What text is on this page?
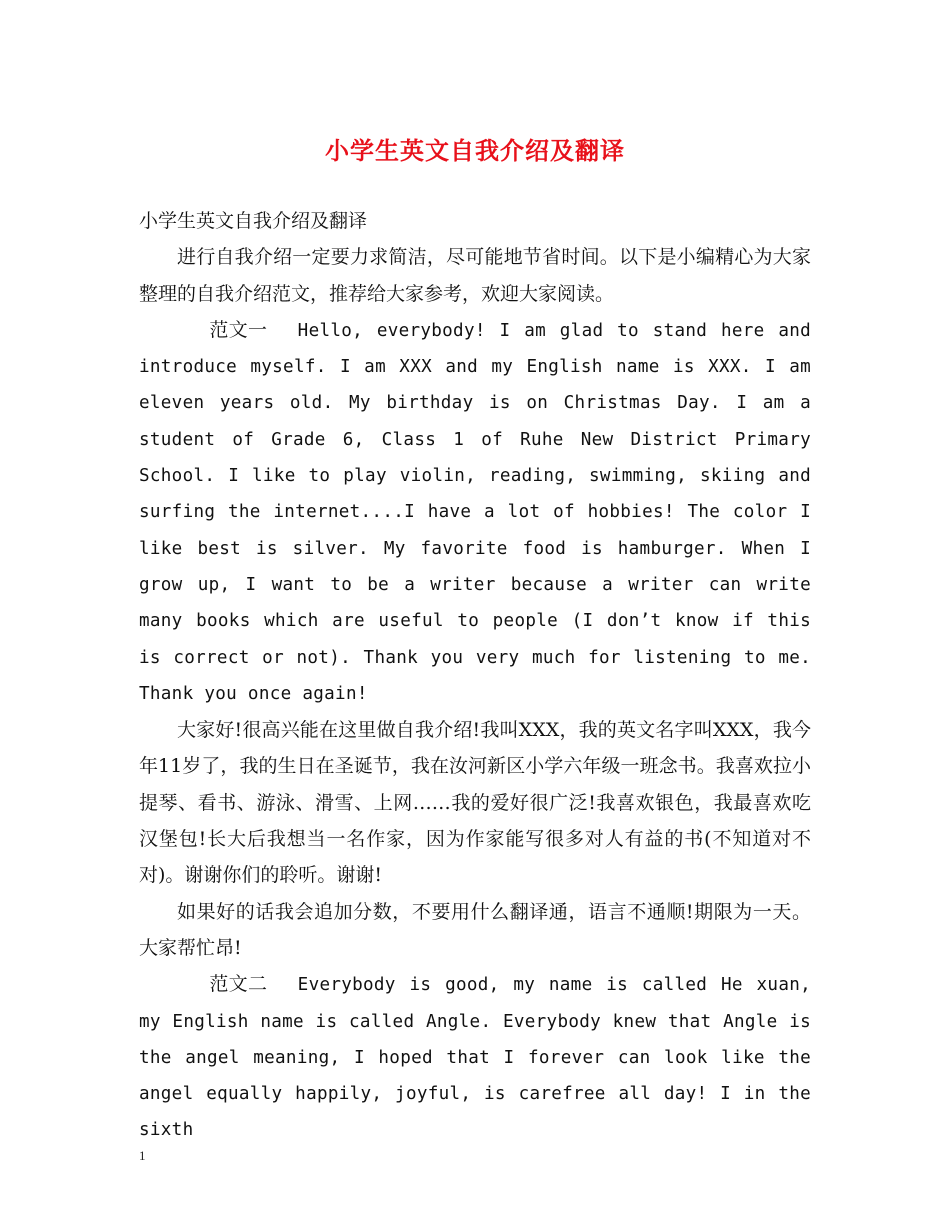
小学生英文自我介绍及翻译

小学生英文自我介绍及翻译

进行自我介绍一定要力求简洁，尽可能地节省时间。以下是小编精心为大家整理的自我介绍范文，推荐给大家参考，欢迎大家阅读。

范文一 Hello, everybody! I am glad to stand here and introduce myself. I am XXX and my English name is XXX. I am eleven years old. My birthday is on Christmas Day. I am a student of Grade 6, Class 1 of Ruhe New District Primary School. I like to play violin, reading, swimming, skiing and surfing the internet....I have a lot of hobbies! The color I like best is silver. My favorite food is hamburger. When I grow up, I want to be a writer because a writer can write many books which are useful to people (I don’t know if this is correct or not). Thank you very much for listening to me. Thank you once again!

大家好!很高兴能在这里做自我介绍!我叫XXX，我的英文名字叫XXX，我今年11岁了，我的生日在圣诞节，我在汝河新区小学六年级一班念书。我喜欢拉小提琴、看书、游泳、滑雪、上网……我的爱好很广泛!我喜欢银色，我最喜欢吃汉堡包!长大后我想当一名作家，因为作家能写很多对人有益的书(不知道对不对)。谢谢你们的聆听。谢谢!

如果好的话我会追加分数，不要用什么翻译通，语言不通顺!期限为一天。大家帮忙昂!

范文二 Everybody is good, my name is called He xuan, my English name is called Angle. Everybody knew that Angle is the angel meaning, I hoped that I forever can look like the angel equally happily, joyful, is carefree all day! I in the sixth

1
